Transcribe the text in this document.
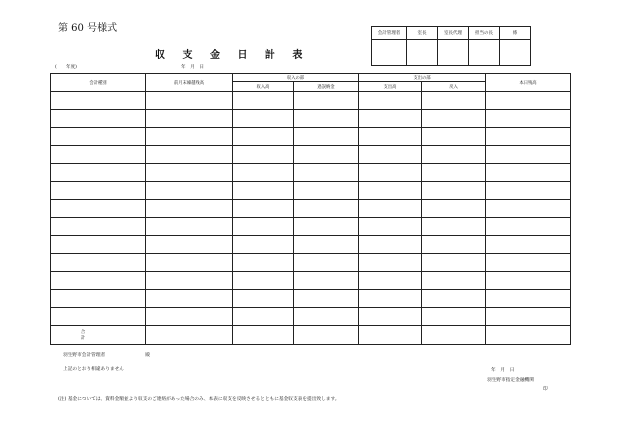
第 60 号様式
収 支 金 日 計 表
(　　年度)	年　月　日
会計管理者	室長	室長代理	担当の長	係

会計種別	前月末繰越残高	収入の部		支出の部		本日残高
		収入高	過誤納金	支出高	戻入	

合 計						
羽生野市会計管理者	殿
上記のとおり相違ありません	年　月　日
羽生野市指定金融機関
印
(注) 基金については、資料金額並より収支のご連絡があった場合のみ、本表に収支を反映させるとともに基金収支表を提出致します。
